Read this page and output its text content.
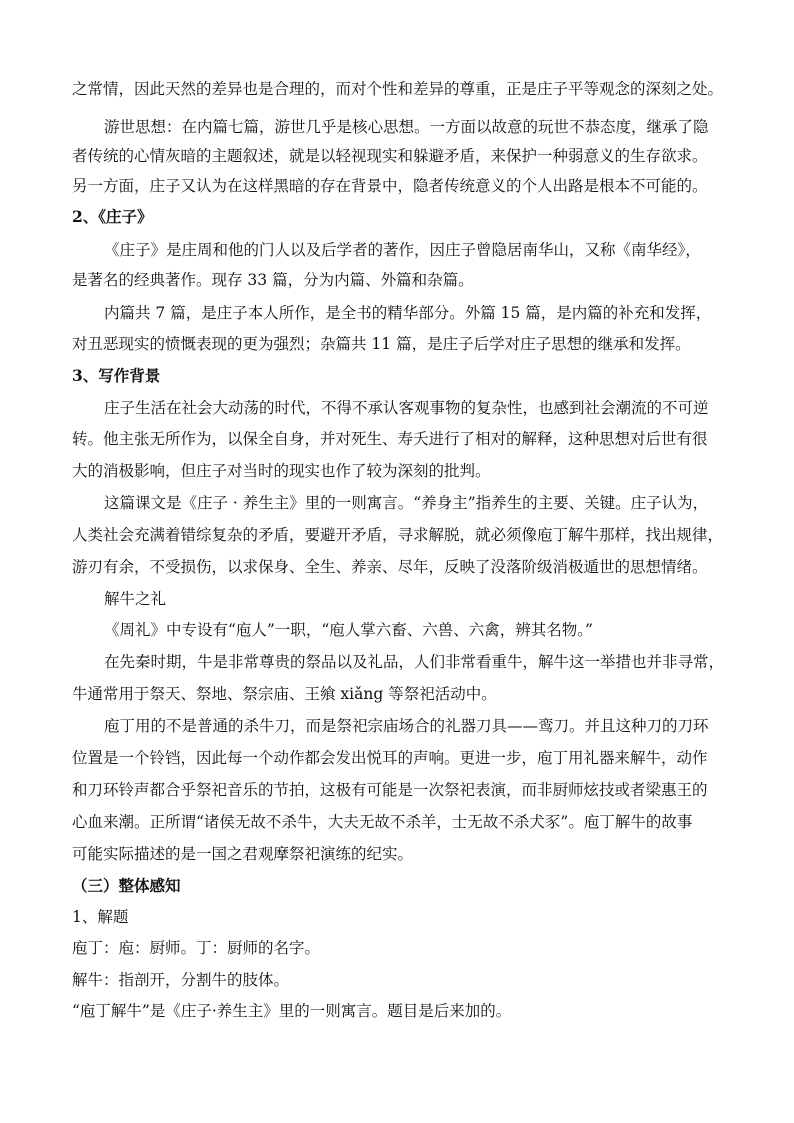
之常情，因此天然的差异也是合理的，而对个性和差异的尊重，正是庄子平等观念的深刻之处。
游世思想：在内篇七篇，游世几乎是核心思想。一方面以故意的玩世不恭态度，继承了隐
者传统的心情灰暗的主题叙述，就是以轻视现实和躲避矛盾，来保护一种弱意义的生存欲求。
另一方面，庄子又认为在这样黑暗的存在背景中，隐者传统意义的个人出路是根本不可能的。
2、《庄子》
《庄子》是庄周和他的门人以及后学者的著作，因庄子曾隐居南华山，又称《南华经》，
是著名的经典著作。现存 33 篇，分为内篇、外篇和杂篇。
内篇共 7 篇，是庄子本人所作，是全书的精华部分。外篇 15 篇，是内篇的补充和发挥，
对丑恶现实的愤慨表现的更为强烈；杂篇共 11 篇，是庄子后学对庄子思想的继承和发挥。
3、写作背景
庄子生活在社会大动荡的时代，不得不承认客观事物的复杂性，也感到社会潮流的不可逆
转。他主张无所作为，以保全自身，并对死生、寿夭进行了相对的解释，这种思想对后世有很
大的消极影响，但庄子对当时的现实也作了较为深刻的批判。
这篇课文是《庄子 · 养生主》里的一则寓言。“养身主”指养生的主要、关键。庄子认为，
人类社会充满着错综复杂的矛盾，要避开矛盾，寻求解脱，就必须像庖丁解牛那样，找出规律，
游刃有余，不受损伤，以求保身、全生、养亲、尽年，反映了没落阶级消极遁世的思想情绪。
解牛之礼
《周礼》中专设有“庖人”一职，“庖人掌六畜、六兽、六禽，辨其名物。”
在先秦时期，牛是非常尊贵的祭品以及礼品，人们非常看重牛，解牛这一举措也并非寻常，
牛通常用于祭天、祭地、祭宗庙、王飨 xiǎng 等祭祀活动中。
庖丁用的不是普通的杀牛刀，而是祭祀宗庙场合的礼器刀具——鸾刀。并且这种刀的刀环
位置是一个铃铛，因此每一个动作都会发出悦耳的声响。更进一步，庖丁用礼器来解牛，动作
和刀环铃声都合乎祭祀音乐的节拍，这极有可能是一次祭祀表演，而非厨师炫技或者梁惠王的
心血来潮。正所谓“诸侯无故不杀牛，大夫无故不杀羊，士无故不杀犬豕”。庖丁解牛的故事
可能实际描述的是一国之君观摩祭祀演练的纪实。
（三）整体感知
1、解题
庖丁：庖：厨师。丁：厨师的名字。
解牛：指剖开，分割牛的肢体。
“庖丁解牛”是《庄子·养生主》里的一则寓言。题目是后来加的。
